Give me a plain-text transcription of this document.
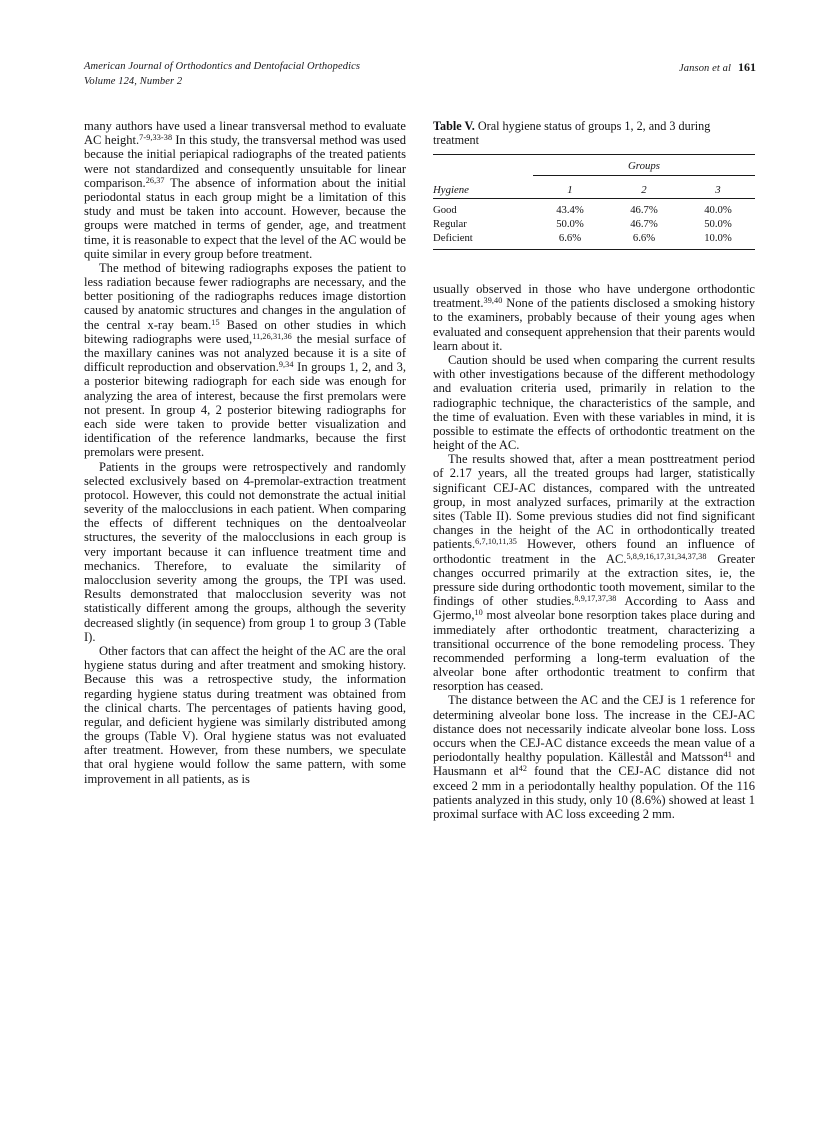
American Journal of Orthodontics and Dentofacial Orthopedics
Volume 124, Number 2
Janson et al 161

many authors have used a linear transversal method to evaluate AC height.$^{7-9,33-38}$ In this study, the transversal method was used because the initial periapical radiographs of the treated patients were not standardized and consequently unsuitable for linear comparison.$^{26,37}$ The absence of information about the initial periodontal status in each group might be a limitation of this study and must be taken into account. However, because the groups were matched in terms of gender, age, and treatment time, it is reasonable to expect that the level of the AC would be quite similar in every group before treatment.

The method of bitewing radiographs exposes the patient to less radiation because fewer radiographs are necessary, and the better positioning of the radiographs reduces image distortion caused by anatomic structures and changes in the angulation of the central x-ray beam.$^{15}$ Based on other studies in which bitewing radiographs were used,$^{11,26,31,36}$ the mesial surface of the maxillary canines was not analyzed because it is a site of difficult reproduction and observation.$^{9,34}$ In groups 1, 2, and 3, a posterior bitewing radiograph for each side was enough for analyzing the area of interest, because the first premolars were not present. In group 4, 2 posterior bitewing radiographs for each side were taken to provide better visualization and identification of the reference landmarks, because the first premolars were present.

Patients in the groups were retrospectively and randomly selected exclusively based on 4-premolar-extraction treatment protocol. However, this could not demonstrate the actual initial severity of the malocclusions in each patient. When comparing the effects of different techniques on the dentoalveolar structures, the severity of the malocclusions in each group is very important because it can influence treatment time and mechanics. Therefore, to evaluate the similarity of malocclusion severity among the groups, the TPI was used. Results demonstrated that malocclusion severity was not statistically different among the groups, although the severity decreased slightly (in sequence) from group 1 to group 3 (Table I).

Other factors that can affect the height of the AC are the oral hygiene status during and after treatment and smoking history. Because this was a retrospective study, the information regarding hygiene status during treatment was obtained from the clinical charts. The percentages of patients having good, regular, and deficient hygiene was similarly distributed among the groups (Table V). Oral hygiene status was not evaluated after treatment. However, from these numbers, we speculate that oral hygiene would follow the same pattern, with some improvement in all patients, as is

Table V. Oral hygiene status of groups 1, 2, and 3 during treatment

	Groups		

Hygiene	1	2	3
Good	43.4%	46.7%	40.0%
Regular	50.0%	46.7%	50.0%
Deficient	6.6%	6.6%	10.0%

usually observed in those who have undergone orthodontic treatment.$^{39,40}$ None of the patients disclosed a smoking history to the examiners, probably because of their young ages when evaluated and consequent apprehension that their parents would learn about it.

Caution should be used when comparing the current results with other investigations because of the different methodology and evaluation criteria used, primarily in relation to the radiographic technique, the characteristics of the sample, and the time of evaluation. Even with these variables in mind, it is possible to estimate the effects of orthodontic treatment on the height of the AC.

The results showed that, after a mean posttreatment period of 2.17 years, all the treated groups had larger, statistically significant CEJ-AC distances, compared with the untreated group, in most analyzed surfaces, primarily at the extraction sites (Table II). Some previous studies did not find significant changes in the height of the AC in orthodontically treated patients.$^{6,7,10,11,35}$ However, others found an influence of orthodontic treatment in the AC.$^{5,8,9,16,17,31,34,37,38}$ Greater changes occurred primarily at the extraction sites, ie, the pressure side during orthodontic tooth movement, similar to the findings of other studies.$^{8,9,17,37,38}$ According to Aass and Gjermo,$^{10}$ most alveolar bone resorption takes place during and immediately after orthodontic treatment, characterizing a transitional occurrence of the bone remodeling process. They recommended performing a long-term evaluation of the alveolar bone after orthodontic treatment to confirm that resorption has ceased.

The distance between the AC and the CEJ is 1 reference for determining alveolar bone loss. The increase in the CEJ-AC distance does not necessarily indicate alveolar bone loss. Loss occurs when the CEJ-AC distance exceeds the mean value of a periodontally healthy population. Källestål and Matsson$^{41}$ and Hausmann et $al^{42}$ found that the CEJ-AC distance did not exceed 2 mm in a periodontally healthy population. Of the 116 patients analyzed in this study, only 10 (8.6%) showed at least 1 proximal surface with AC loss exceeding 2 mm.
